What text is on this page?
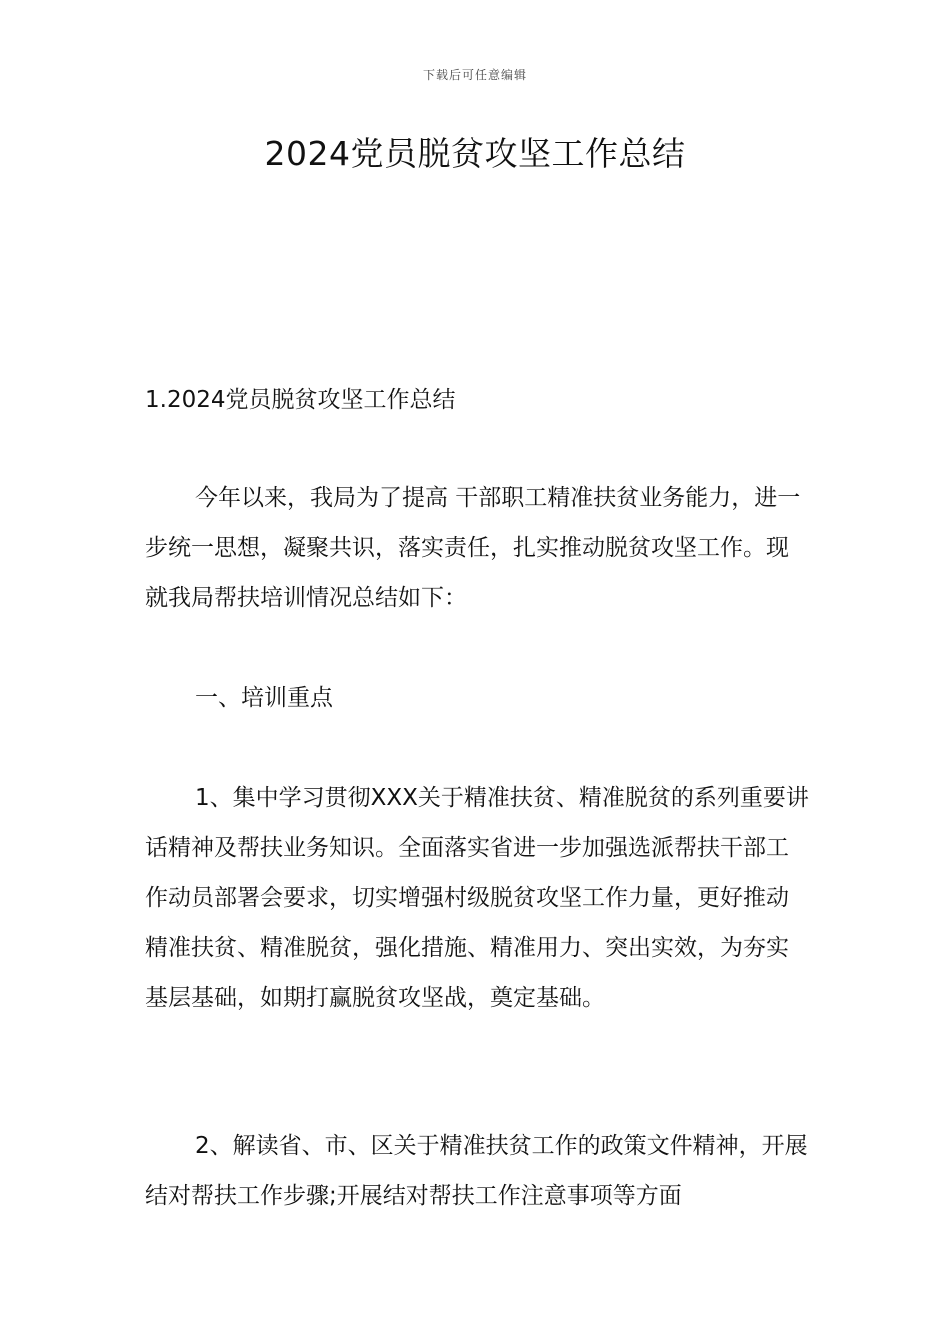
下载后可任意编辑
2024党员脱贫攻坚工作总结
1.2024党员脱贫攻坚工作总结

今年以来，我局为了提高 干部职工精准扶贫业务能力，进一步统一思想，凝聚共识，落实责任，扎实推动脱贫攻坚工作。现就我局帮扶培训情况总结如下：

一、培训重点

1、集中学习贯彻XXX关于精准扶贫、精准脱贫的系列重要讲话精神及帮扶业务知识。全面落实省进一步加强选派帮扶干部工作动员部署会要求，切实增强村级脱贫攻坚工作力量，更好推动精准扶贫、精准脱贫，强化措施、精准用力、突出实效，为夯实基层基础，如期打赢脱贫攻坚战，奠定基础。

2、解读省、市、区关于精准扶贫工作的政策文件精神，开展结对帮扶工作步骤;开展结对帮扶工作注意事项等方面
